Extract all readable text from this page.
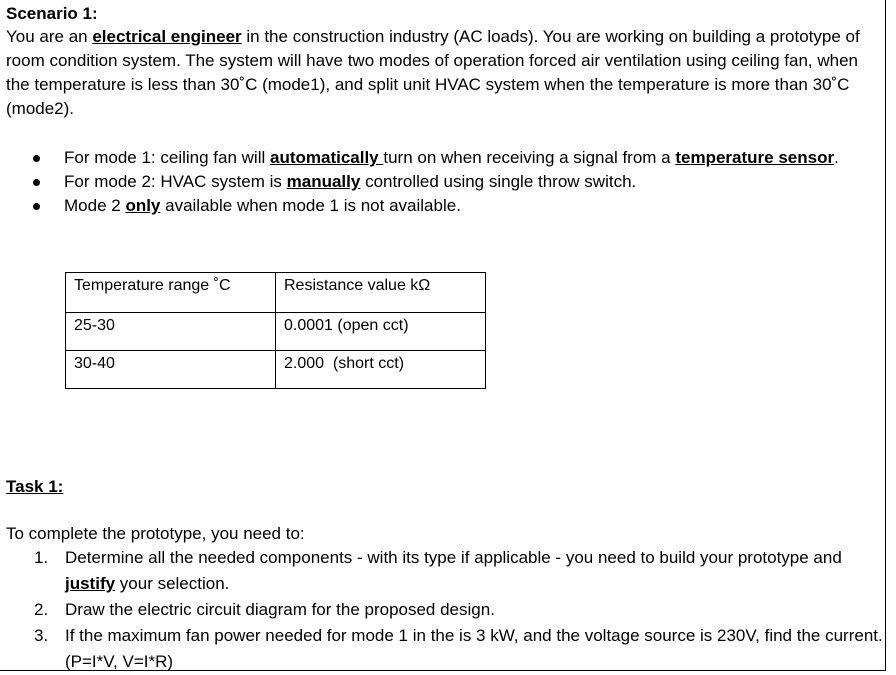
Scenario 1:
You are an electrical engineer in the construction industry (AC loads). You are working on building a prototype of room condition system. The system will have two modes of operation forced air ventilation using ceiling fan, when the temperature is less than 30˚C (mode1), and split unit HVAC system when the temperature is more than 30˚C (mode2).
For mode 1: ceiling fan will automatically turn on when receiving a signal from a temperature sensor.
For mode 2: HVAC system is manually controlled using single throw switch.
Mode 2 only available when mode 1 is not available.
Temperature range ˚C	Resistance value kΩ
25-30	0.0001 (open cct)
30-40	2.000  (short cct)
Task 1:
To complete the prototype, you need to:
1. Determine all the needed components - with its type if applicable - you need to build your prototype and justify your selection.
2. Draw the electric circuit diagram for the proposed design.
3. If the maximum fan power needed for mode 1 in the is 3 kW, and the voltage source is 230V, find the current. (P=I*V, V=I*R)
